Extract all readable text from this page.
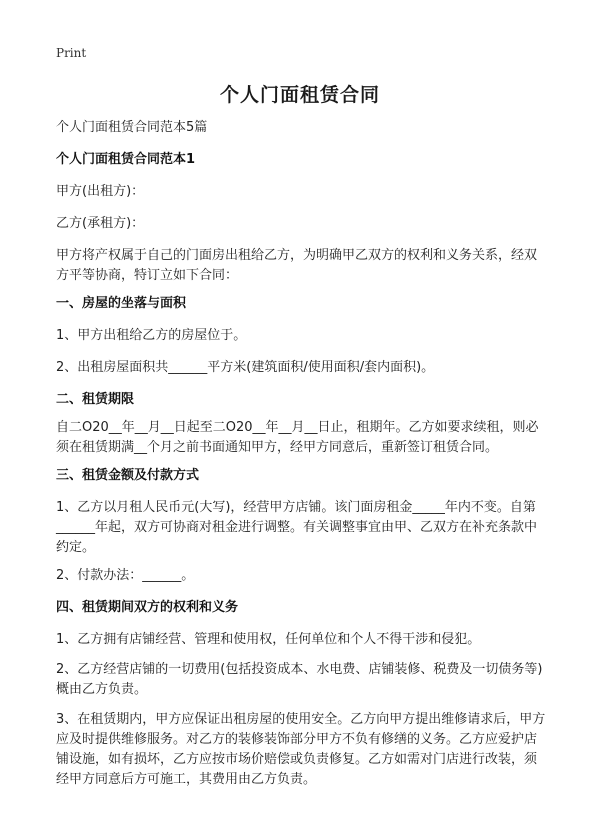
Print
个人门面租赁合同

个人门面租赁合同范本5篇

个人门面租赁合同范本1

甲方(出租方)：

乙方(承租方)：

甲方将产权属于自己的门面房出租给乙方，为明确甲乙双方的权利和义务关系，经双方平等协商，特订立如下合同：

一、房屋的坐落与面积

1、甲方出租给乙方的房屋位于。

2、出租房屋面积共______平方米(建筑面积/使用面积/套内面积)。

二、租赁期限

自二O20__年__月__日起至二O20__年__月__日止，租期年。乙方如要求续租，则必须在租赁期满__个月之前书面通知甲方，经甲方同意后，重新签订租赁合同。

三、租赁金额及付款方式

1、乙方以月租人民币元(大写)，经营甲方店铺。该门面房租金_____年内不变。自第______年起，双方可协商对租金进行调整。有关调整事宜由甲、乙双方在补充条款中约定。

2、付款办法：______。

四、租赁期间双方的权利和义务

1、乙方拥有店铺经营、管理和使用权，任何单位和个人不得干涉和侵犯。

2、乙方经营店铺的一切费用(包括投资成本、水电费、店铺装修、税费及一切债务等)概由乙方负责。

3、在租赁期内，甲方应保证出租房屋的使用安全。乙方向甲方提出维修请求后，甲方应及时提供维修服务。对乙方的装修装饰部分甲方不负有修缮的义务。乙方应爱护店铺设施，如有损坏，乙方应按市场价赔偿或负责修复。乙方如需对门店进行改装，须经甲方同意后方可施工，其费用由乙方负责。
